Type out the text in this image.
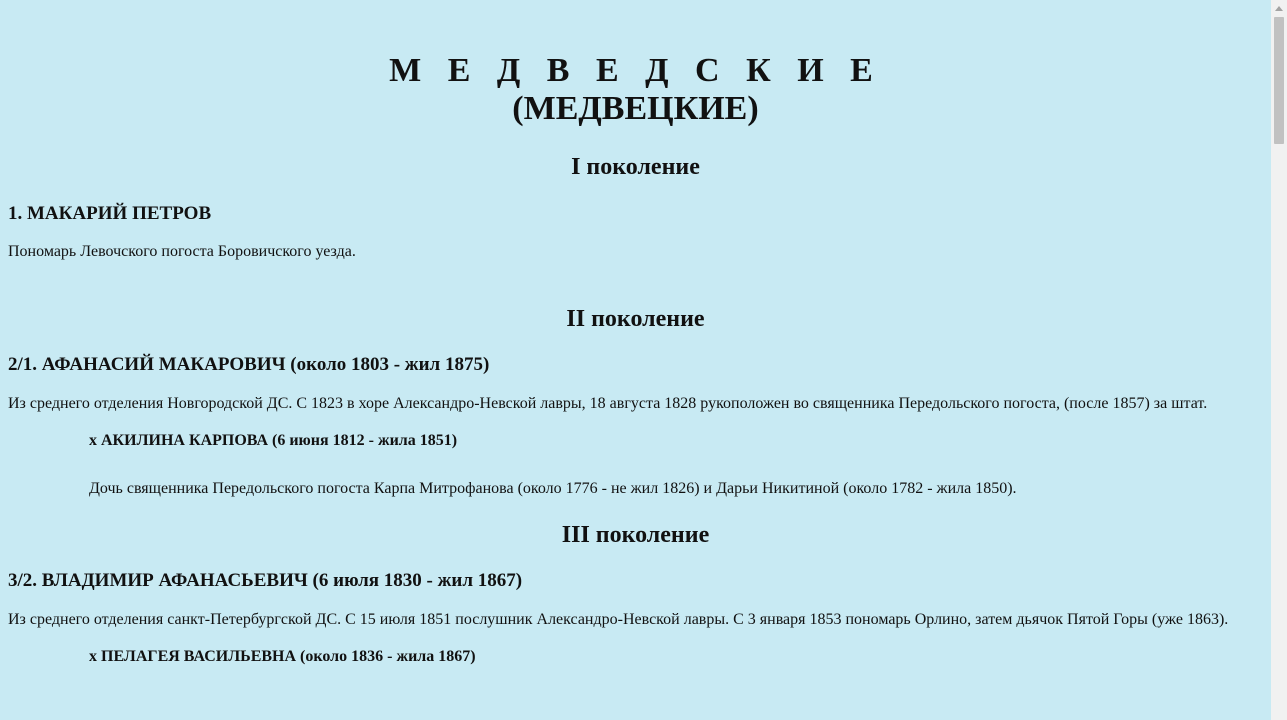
М Е Д В Е Д С К И Е
(МЕДВЕЦКИЕ)
I поколение
1. МАКАРИЙ ПЕТРОВ
Пономарь Левочского погоста Боровичского уезда.
II поколение
2/1. АФАНАСИЙ МАКАРОВИЧ (около 1803 - жил 1875)
Из среднего отделения Новгородской ДС. С 1823 в хоре Александро-Невской лавры, 18 августа 1828 рукоположен во священника Передольского погоста, (после 1857) за штат.
х АКИЛИНА КАРПОВА (6 июня 1812 - жила 1851)
Дочь священника Передольского погоста Карпа Митрофанова (около 1776 - не жил 1826) и Дарьи Никитиной (около 1782 - жила 1850).
III поколение
3/2. ВЛАДИМИР АФАНАСЬЕВИЧ (6 июля 1830 - жил 1867)
Из среднего отделения санкт-Петербургской ДС. С 15 июля 1851 послушник Александро-Невской лавры. С 3 января 1853 пономарь Орлино, затем дьячок Пятой Горы (уже 1863).
х ПЕЛАГЕЯ ВАСИЛЬЕВНА (около 1836 - жила 1867)
